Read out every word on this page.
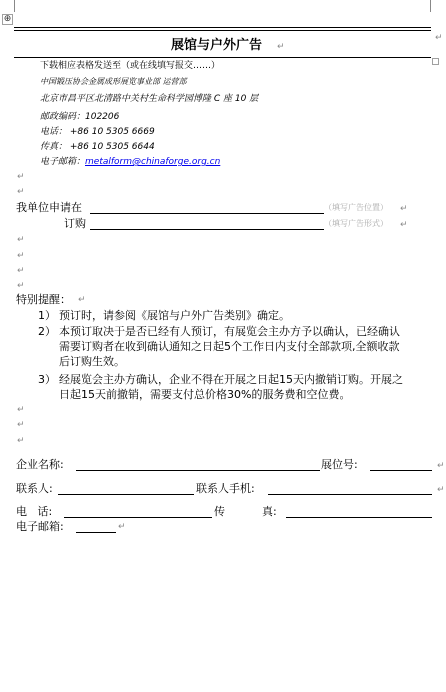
⊕
展馆与户外广告 ↵
↵
下载相应表格发送至（或在线填写报交……）
中国锻压协会金属成形展览事业部 运营部
北京市昌平区北清路中关村生命科学园博隆 C 座 10 层
邮政编码：102206
电话： +86 10 5305 6669
传真： +86 10 5305 6644
电子邮箱：metalform@chinaforge.org.cn
↵
↵
我单位申请在	（填写广告位置） ↵
订购	（填写广告形式） ↵
↵
↵
↵
↵
特别提醒： ↵
1） 预订时，请参阅《展馆与户外广告类别》确定。
2） 本预订取决于是否已经有人预订，有展览会主办方予以确认，已经确认
需要订购者在收到确认通知之日起5个工作日内支付全部款项,全额收款
后订购生效。
3） 经展览会主办方确认，企业不得在开展之日起15天内撤销订购。开展之
日起15天前撤销，需要支付总价格30%的服务费和空位费。
↵
↵
↵
企业名称:	展位号:	↵
联系人:	联系人手机:	↵
电   话:	传	真:
电子邮箱:	↵
